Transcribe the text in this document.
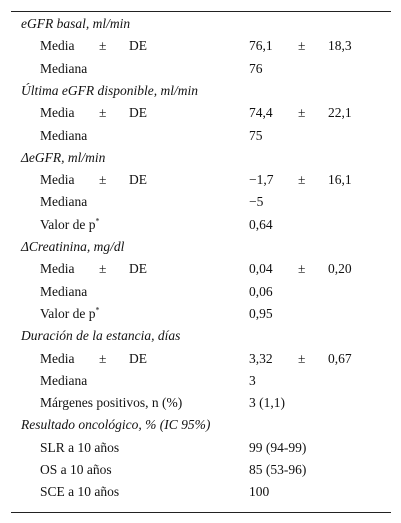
eGFR basal, ml/min
Media ± DE	76,1 ± 18,3
Mediana	76
Última eGFR disponible, ml/min
Media ± DE	74,4 ± 22,1
Mediana	75
ΔeGFR, ml/min
Media ± DE	−1,7 ± 16,1
Mediana	−5
Valor de p*	0,64
ΔCreatinina, mg/dl
Media ± DE	0,04 ± 0,20
Mediana	0,06
Valor de p*	0,95
Duración de la estancia, días
Media ± DE	3,32 ± 0,67
Mediana	3
Márgenes positivos, n (%)	3 (1,1)
Resultado oncológico, % (IC 95%)
SLR a 10 años	99 (94-99)
OS a 10 años	85 (53-96)
SCE a 10 años	100
